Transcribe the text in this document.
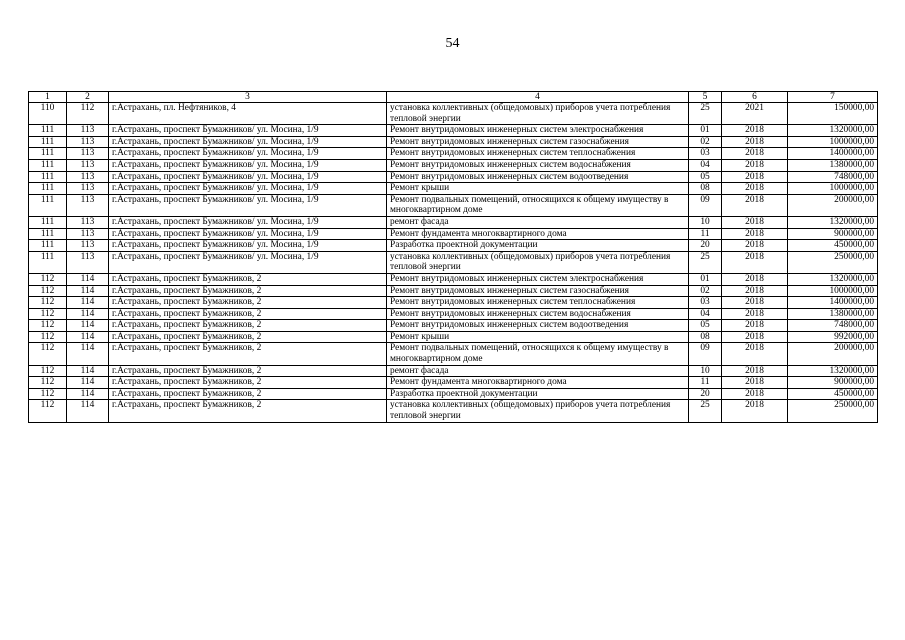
54
1	2	3	4	5	6	7
110	112	г.Астрахань, пл. Нефтяников, 4	установка коллективных (общедомовых) приборов учета потребления тепловой энергии	25	2021	150000,00
111	113	г.Астрахань, проспект Бумажников/ ул. Мосина, 1/9	Ремонт внутридомовых инженерных систем электроснабжения	01	2018	1320000,00
111	113	г.Астрахань, проспект Бумажников/ ул. Мосина, 1/9	Ремонт внутридомовых инженерных систем газоснабжения	02	2018	1000000,00
111	113	г.Астрахань, проспект Бумажников/ ул. Мосина, 1/9	Ремонт внутридомовых инженерных систем теплоснабжения	03	2018	1400000,00
111	113	г.Астрахань, проспект Бумажников/ ул. Мосина, 1/9	Ремонт внутридомовых инженерных систем водоснабжения	04	2018	1380000,00
111	113	г.Астрахань, проспект Бумажников/ ул. Мосина, 1/9	Ремонт внутридомовых инженерных систем водоотведения	05	2018	748000,00
111	113	г.Астрахань, проспект Бумажников/ ул. Мосина, 1/9	Ремонт крыши	08	2018	1000000,00
111	113	г.Астрахань, проспект Бумажников/ ул. Мосина, 1/9	Ремонт подвальных помещений, относящихся к общему имуществу в многоквартирном доме	09	2018	200000,00
111	113	г.Астрахань, проспект Бумажников/ ул. Мосина, 1/9	ремонт фасада	10	2018	1320000,00
111	113	г.Астрахань, проспект Бумажников/ ул. Мосина, 1/9	Ремонт фундамента многоквартирного дома	11	2018	900000,00
111	113	г.Астрахань, проспект Бумажников/ ул. Мосина, 1/9	Разработка проектной документации	20	2018	450000,00
111	113	г.Астрахань, проспект Бумажников/ ул. Мосина, 1/9	установка коллективных (общедомовых) приборов учета потребления тепловой энергии	25	2018	250000,00
112	114	г.Астрахань, проспект Бумажников, 2	Ремонт внутридомовых инженерных систем электроснабжения	01	2018	1320000,00
112	114	г.Астрахань, проспект Бумажников, 2	Ремонт внутридомовых инженерных систем газоснабжения	02	2018	1000000,00
112	114	г.Астрахань, проспект Бумажников, 2	Ремонт внутридомовых инженерных систем теплоснабжения	03	2018	1400000,00
112	114	г.Астрахань, проспект Бумажников, 2	Ремонт внутридомовых инженерных систем водоснабжения	04	2018	1380000,00
112	114	г.Астрахань, проспект Бумажников, 2	Ремонт внутридомовых инженерных систем водоотведения	05	2018	748000,00
112	114	г.Астрахань, проспект Бумажников, 2	Ремонт крыши	08	2018	992000,00
112	114	г.Астрахань, проспект Бумажников, 2	Ремонт подвальных помещений, относящихся к общему имуществу в многоквартирном доме	09	2018	200000,00
112	114	г.Астрахань, проспект Бумажников, 2	ремонт фасада	10	2018	1320000,00
112	114	г.Астрахань, проспект Бумажников, 2	Ремонт фундамента многоквартирного дома	11	2018	900000,00
112	114	г.Астрахань, проспект Бумажников, 2	Разработка проектной документации	20	2018	450000,00
112	114	г.Астрахань, проспект Бумажников, 2	установка коллективных (общедомовых) приборов учета потребления тепловой энергии	25	2018	250000,00
